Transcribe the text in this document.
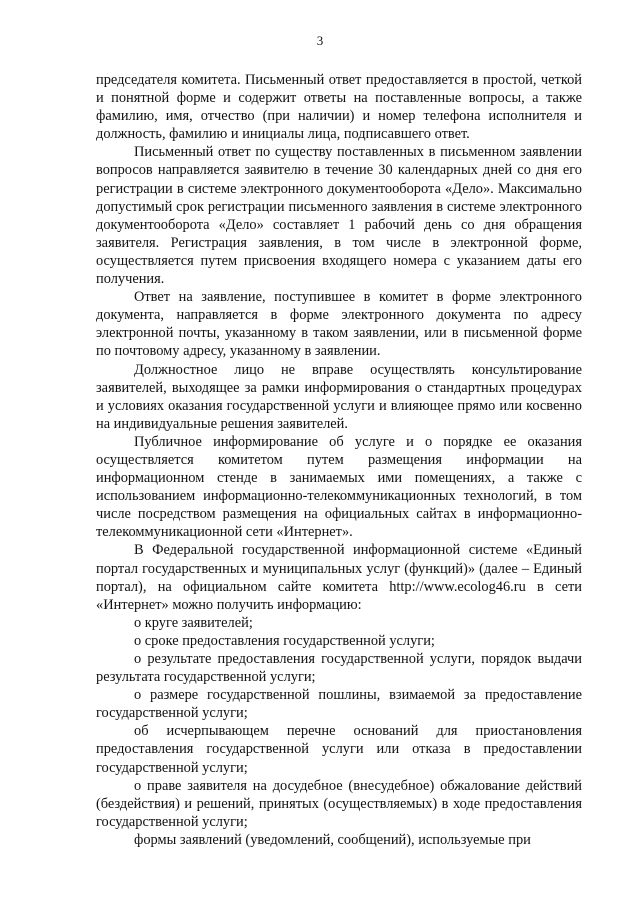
3

председателя комитета. Письменный ответ предоставляется в простой, четкой и понятной форме и содержит ответы на поставленные вопросы, а также фамилию, имя, отчество (при наличии) и номер телефона исполнителя и должность, фамилию и инициалы лица, подписавшего ответ.

Письменный ответ по существу поставленных в письменном заявлении вопросов направляется заявителю в течение 30 календарных дней со дня его регистрации в системе электронного документооборота «Дело». Максимально допустимый срок регистрации письменного заявления в системе электронного документооборота «Дело» составляет 1 рабочий день со дня обращения заявителя. Регистрация заявления, в том числе в электронной форме, осуществляется путем присвоения входящего номера с указанием даты его получения.

Ответ на заявление, поступившее в комитет в форме электронного документа, направляется в форме электронного документа по адресу электронной почты, указанному в таком заявлении, или в письменной форме по почтовому адресу, указанному в заявлении.

Должностное лицо не вправе осуществлять консультирование заявителей, выходящее за рамки информирования о стандартных процедурах и условиях оказания государственной услуги и влияющее прямо или косвенно на индивидуальные решения заявителей.

Публичное информирование об услуге и о порядке ее оказания осуществляется комитетом путем размещения информации на информационном стенде в занимаемых ими помещениях, а также с использованием информационно-телекоммуникационных технологий, в том числе посредством размещения на официальных сайтах в информационно-телекоммуникационной сети «Интернет».

В Федеральной государственной информационной системе «Единый портал государственных и муниципальных услуг (функций)» (далее – Единый портал), на официальном сайте комитета http://www.ecolog46.ru в сети «Интернет» можно получить информацию:

о круге заявителей;

о сроке предоставления государственной услуги;

о результате предоставления государственной услуги, порядок выдачи результата государственной услуги;

о размере государственной пошлины, взимаемой за предоставление государственной услуги;

об исчерпывающем перечне оснований для приостановления предоставления государственной услуги или отказа в предоставлении государственной услуги;

о праве заявителя на досудебное (внесудебное) обжалование действий (бездействия) и решений, принятых (осуществляемых) в ходе предоставления государственной услуги;

формы заявлений (уведомлений, сообщений), используемые при
